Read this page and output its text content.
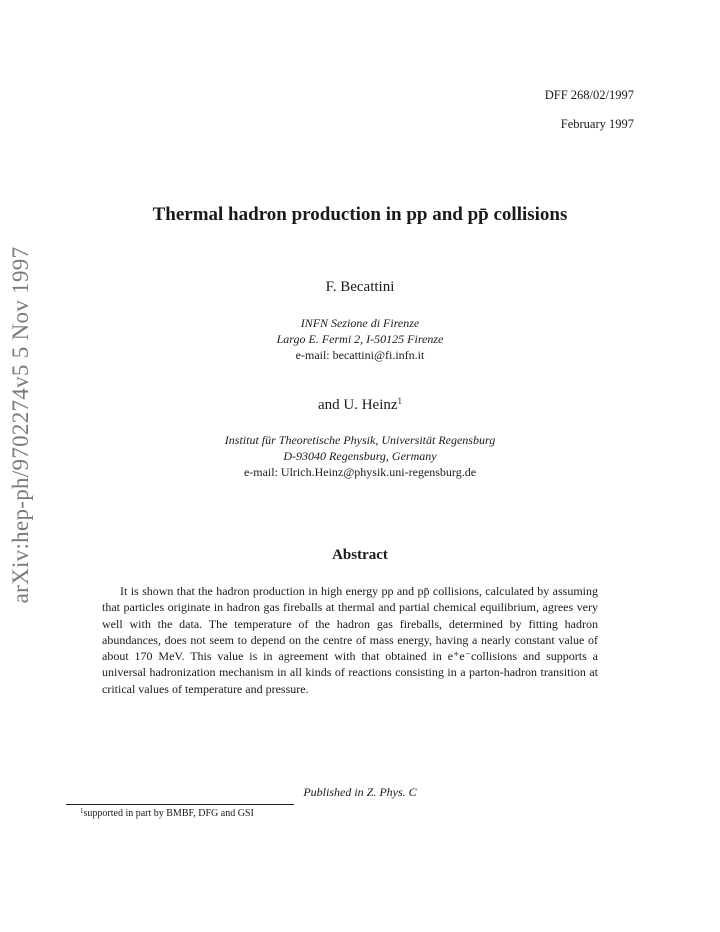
arXiv:hep-ph/9702274v5 5 Nov 1997
DFF 268/02/1997
February 1997
Thermal hadron production in pp and pp̄ collisions
F. Becattini
INFN Sezione di Firenze
Largo E. Fermi 2, I-50125 Firenze
e-mail: becattini@fi.infn.it
and U. Heinz$^1$
Institut für Theoretische Physik, Universität Regensburg
D-93040 Regensburg, Germany
e-mail: Ulrich.Heinz@physik.uni-regensburg.de
Abstract
It is shown that the hadron production in high energy pp and pp̄ collisions, calculated by assuming that particles originate in hadron gas fireballs at thermal and partial chemical equilibrium, agrees very well with the data. The temperature of the hadron gas fireballs, determined by fitting hadron abundances, does not seem to depend on the centre of mass energy, having a nearly constant value of about 170 MeV. This value is in agreement with that obtained in e⁺e⁻collisions and supports a universal hadronization mechanism in all kinds of reactions consisting in a parton-hadron transition at critical values of temperature and pressure.
Published in Z. Phys. C
$^1$supported in part by BMBF, DFG and GSI
